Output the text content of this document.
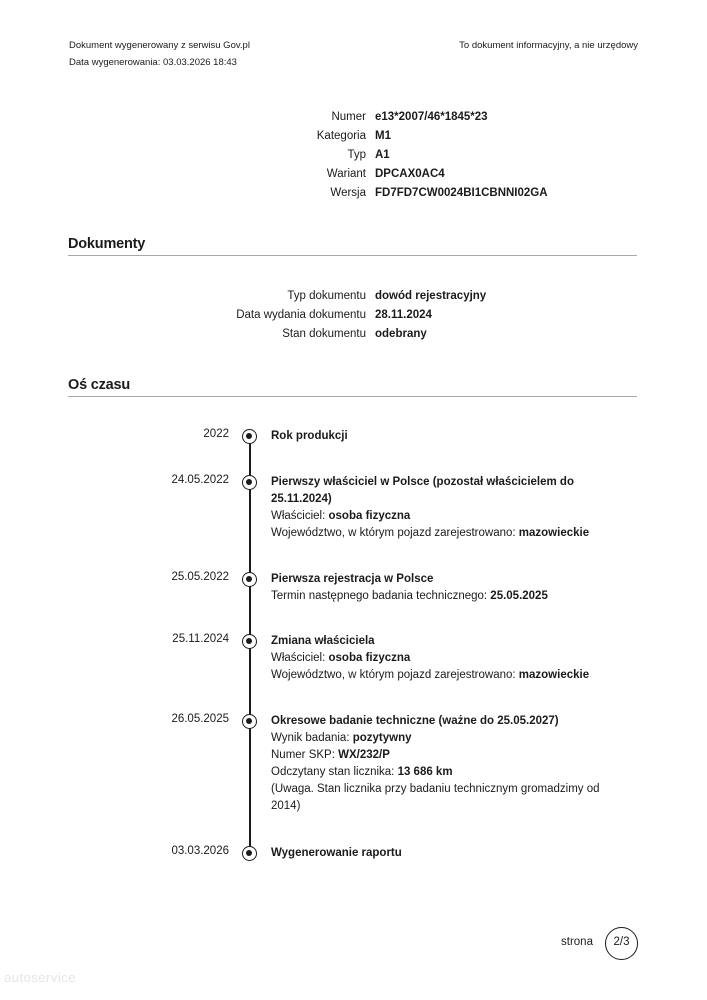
Dokument wygenerowany z serwisu Gov.pl
Data wygenerowania: 03.03.2026 18:43
To dokument informacyjny, a nie urzędowy
Numer e13*2007/46*1845*23
Kategoria M1
Typ A1
Wariant DPCAX0AC4
Wersja FD7FD7CW0024BI1CBNNI02GA
Dokumenty
Typ dokumentu dowód rejestracyjny
Data wydania dokumentu 28.11.2024
Stan dokumentu odebrany
Oś czasu
2022	Rok produkcji
24.05.2022	Pierwszy właściciel w Polsce (pozostał właścicielem do 25.11.2024)
Właściciel: osoba fizyczna
Województwo, w którym pojazd zarejestrowano: mazowieckie
25.05.2022	Pierwsza rejestracja w Polsce
Termin następnego badania technicznego: 25.05.2025
25.11.2024	Zmiana właściciela
Właściciel: osoba fizyczna
Województwo, w którym pojazd zarejestrowano: mazowieckie
26.05.2025	Okresowe badanie techniczne (ważne do 25.05.2027)
Wynik badania: pozytywny
Numer SKP: WX/232/P
Odczytany stan licznika: 13 686 km
(Uwaga. Stan licznika przy badaniu technicznym gromadzimy od 2014)
03.03.2026	Wygenerowanie raportu
strona	2/3
autoservice
